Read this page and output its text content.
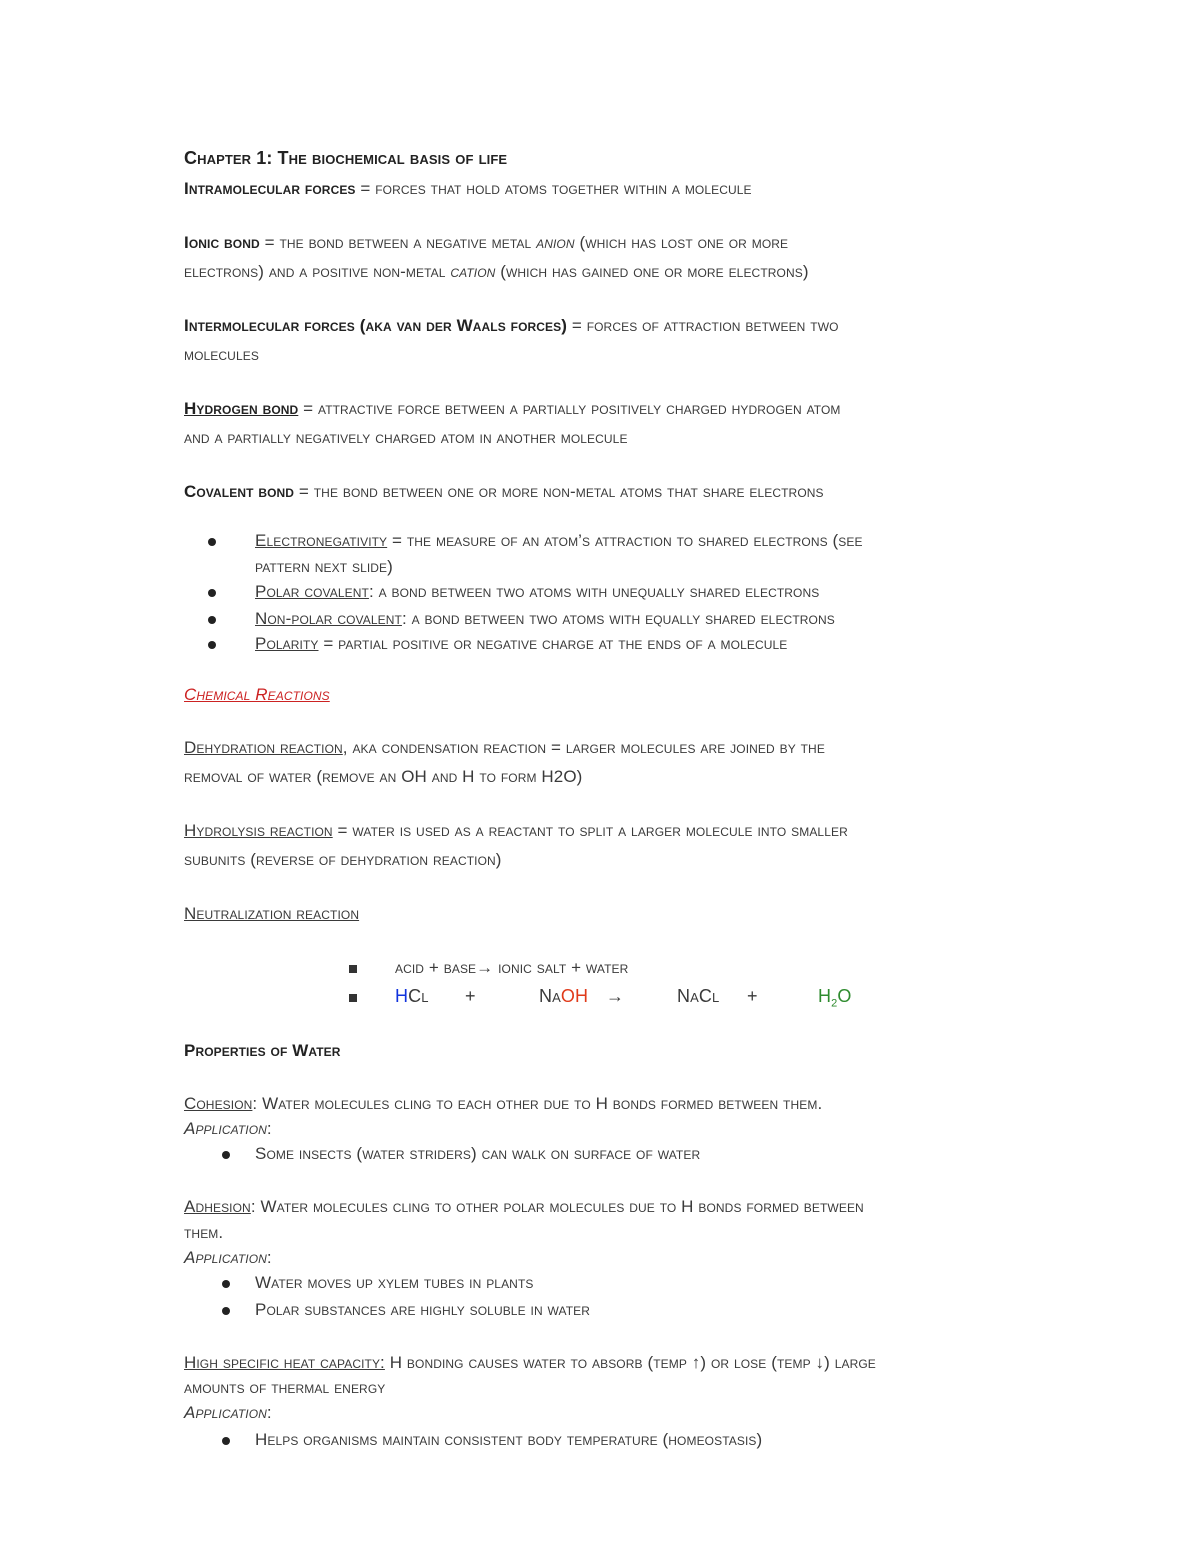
Chapter 1: The biochemical basis of life
Intramolecular forces = forces that hold atoms together within a molecule
Ionic bond = the bond between a negative metal anion (which has lost one or more
electrons) and a positive non-metal cation (which has gained one or more electrons)
Intermolecular forces (aka van der Waals forces) = forces of attraction between two
molecules
Hydrogen bond = attractive force between a partially positively charged hydrogen atom
and a partially negatively charged atom in another molecule
Covalent bond = the bond between one or more non-metal atoms that share electrons
Electronegativity = the measure of an atom’s attraction to shared electrons (see
pattern next slide)
Polar covalent: a bond between two atoms with unequally shared electrons
Non-polar covalent: a bond between two atoms with equally shared electrons
Polarity = partial positive or negative charge at the ends of a molecule
Chemical Reactions
Dehydration reaction, aka condensation reaction = larger molecules are joined by the
removal of water (remove an OH and H to form H2O)
Hydrolysis reaction = water is used as a reactant to split a larger molecule into smaller
subunits (reverse of dehydration reaction)
Neutralization reaction
acid + base→ ionic salt + water
HCl +	NaOH →	NaCl +	$H_2O$
Properties of Water
Cohesion: Water molecules cling to each other due to H bonds formed between them.
Application:
Some insects (water striders) can walk on surface of water
Adhesion: Water molecules cling to other polar molecules due to H bonds formed between
them.
Application:
Water moves up xylem tubes in plants
Polar substances are highly soluble in water
High specific heat capacity: H bonding causes water to absorb (temp ↑) or lose (temp ↓) large
amounts of thermal energy
Application:
Helps organisms maintain consistent body temperature (homeostasis)
